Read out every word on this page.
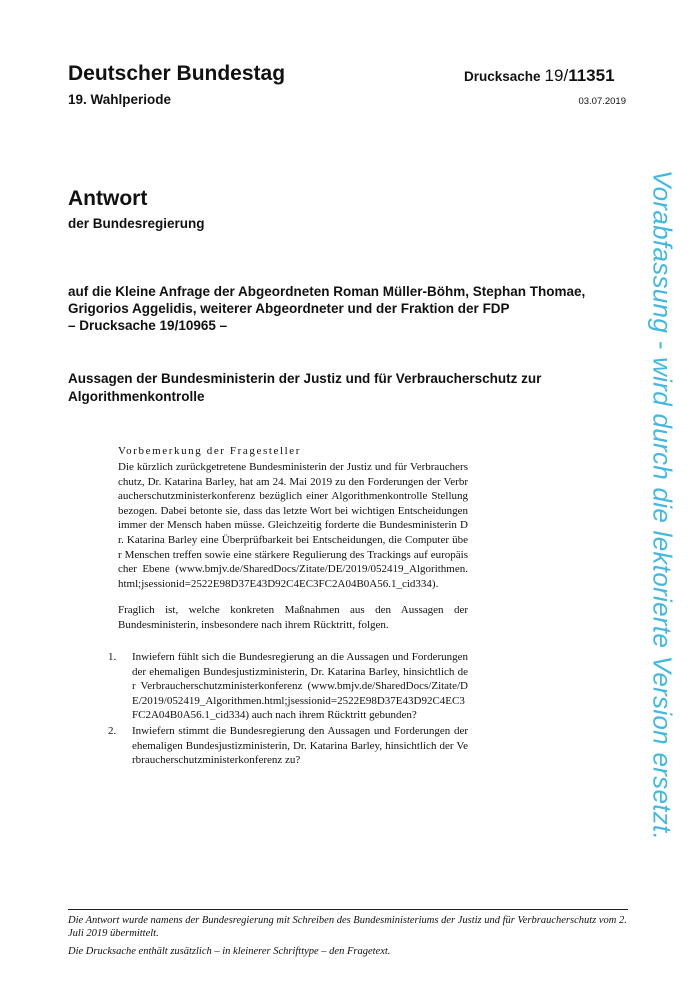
Deutscher Bundestag
19. Wahlperiode
Drucksache 19/11351
03.07.2019
Antwort
der Bundesregierung
auf die Kleine Anfrage der Abgeordneten Roman Müller-Böhm, Stephan Thomae, Grigorios Aggelidis, weiterer Abgeordneter und der Fraktion der FDP
– Drucksache 19/10965 –
Aussagen der Bundesministerin der Justiz und für Verbraucherschutz zur Algorithmenkontrolle
Vorbemerkung der Fragesteller
Die kürzlich zurückgetretene Bundesministerin der Justiz und für Verbraucherschutz, Dr. Katarina Barley, hat am 24. Mai 2019 zu den Forderungen der Verbraucherschutzministerkonferenz bezüglich einer Algorithmenkontrolle Stellung bezogen. Dabei betonte sie, dass das letzte Wort bei wichtigen Entscheidungen immer der Mensch haben müsse. Gleichzeitig forderte die Bundesministerin Dr. Katarina Barley eine Überprüfbarkeit bei Entscheidungen, die Computer über Menschen treffen sowie eine stärkere Regulierung des Trackings auf europäischer Ebene (www.bmjv.de/SharedDocs/Zitate/DE/2019/052419_Algorithmen.html;jsessionid=2522E98D37E43D92C4EC3FC2A04B0A56.1_cid334).
Fraglich ist, welche konkreten Maßnahmen aus den Aussagen der Bundesministerin, insbesondere nach ihrem Rücktritt, folgen.
1.	Inwiefern fühlt sich die Bundesregierung an die Aussagen und Forderungen der ehemaligen Bundesjustizministerin, Dr. Katarina Barley, hinsichtlich der Verbraucherschutzministerkonferenz (www.bmjv.de/SharedDocs/Zitate/DE/2019/052419_Algorithmen.html;jsessionid=2522E98D37E43D92C4EC3FC2A04B0A56.1_cid334) auch nach ihrem Rücktritt gebunden?
2.	Inwiefern stimmt die Bundesregierung den Aussagen und Forderungen der ehemaligen Bundesjustizministerin, Dr. Katarina Barley, hinsichtlich der Verbraucherschutzministerkonferenz zu?
Die Antwort wurde namens der Bundesregierung mit Schreiben des Bundesministeriums der Justiz und für Verbraucherschutz vom 2. Juli 2019 übermittelt.
Die Drucksache enthält zusätzlich – in kleinerer Schrifttype – den Fragetext.
Vorabfassung - wird durch die lektorierte Version ersetzt.
